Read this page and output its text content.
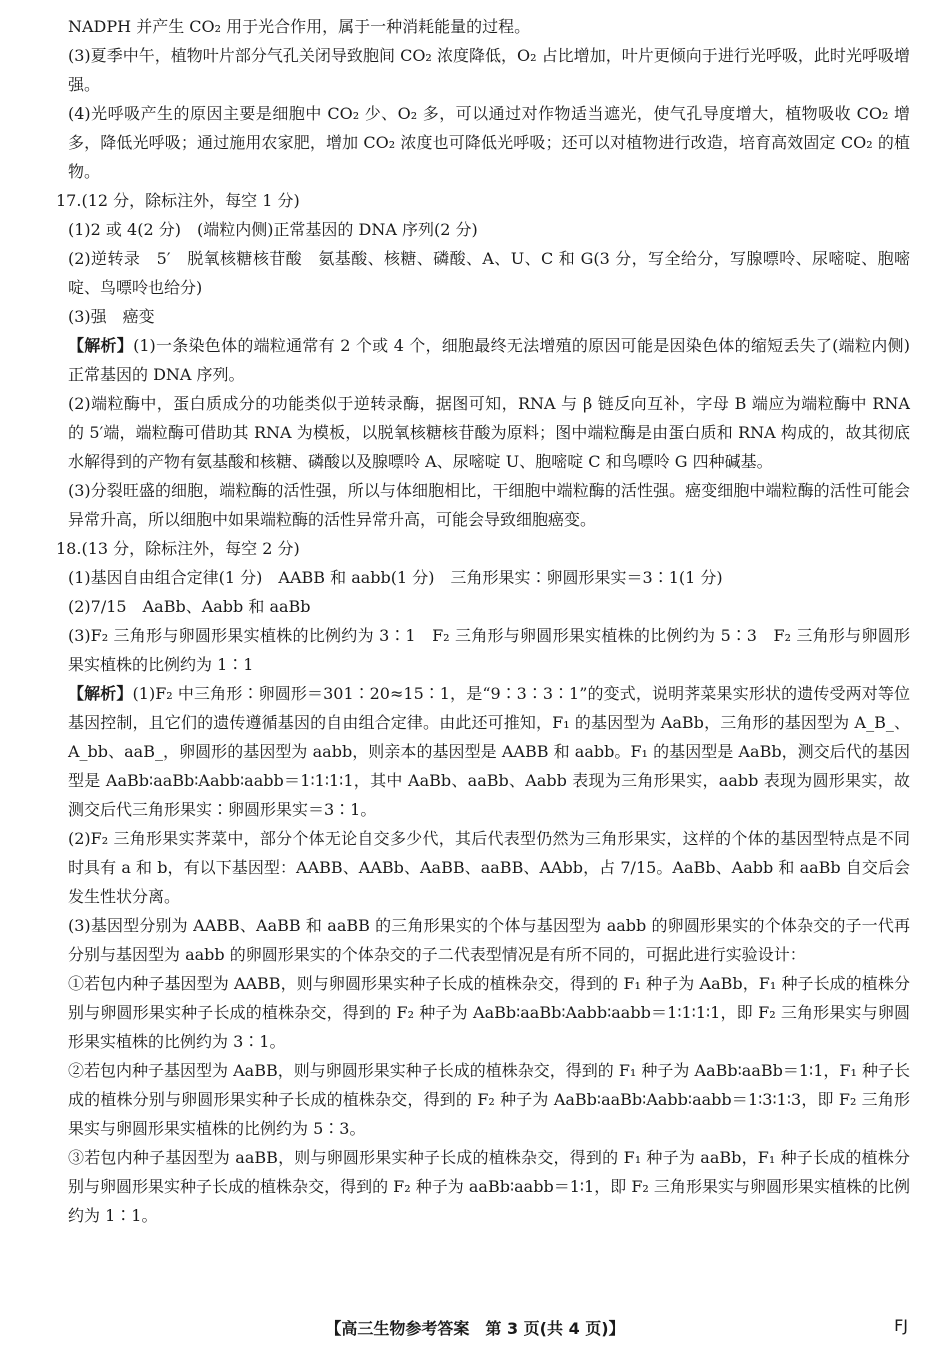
NADPH 并产生 CO₂ 用于光合作用，属于一种消耗能量的过程。

(3)夏季中午，植物叶片部分气孔关闭导致胞间 CO₂ 浓度降低，O₂ 占比增加，叶片更倾向于进行光呼吸，此时光呼吸增强。

(4)光呼吸产生的原因主要是细胞中 CO₂ 少、O₂ 多，可以通过对作物适当遮光，使气孔导度增大，植物吸收 CO₂ 增多，降低光呼吸；通过施用农家肥，增加 CO₂ 浓度也可降低光呼吸；还可以对植物进行改造，培育高效固定 CO₂ 的植物。

17.(12 分，除标注外，每空 1 分)

(1)2 或 4(2 分)　(端粒内侧)正常基因的 DNA 序列(2 分)

(2)逆转录　5′　脱氧核糖核苷酸　氨基酸、核糖、磷酸、A、U、C 和 G(3 分，写全给分，写腺嘌呤、尿嘧啶、胞嘧啶、鸟嘌呤也给分)

(3)强　癌变

【解析】(1)一条染色体的端粒通常有 2 个或 4 个，细胞最终无法增殖的原因可能是因染色体的缩短丢失了(端粒内侧)正常基因的 DNA 序列。

(2)端粒酶中，蛋白质成分的功能类似于逆转录酶，据图可知，RNA 与 β 链反向互补，字母 B 端应为端粒酶中 RNA 的 5′端，端粒酶可借助其 RNA 为模板，以脱氧核糖核苷酸为原料；图中端粒酶是由蛋白质和 RNA 构成的，故其彻底水解得到的产物有氨基酸和核糖、磷酸以及腺嘌呤 A、尿嘧啶 U、胞嘧啶 C 和鸟嘌呤 G 四种碱基。

(3)分裂旺盛的细胞，端粒酶的活性强，所以与体细胞相比，干细胞中端粒酶的活性强。癌变细胞中端粒酶的活性可能会异常升高，所以细胞中如果端粒酶的活性异常升高，可能会导致细胞癌变。

18.(13 分，除标注外，每空 2 分)

(1)基因自由组合定律(1 分)　AABB 和 aabb(1 分)　三角形果实∶卵圆形果实＝3∶1(1 分)

(2)7/15　AaBb、Aabb 和 aaBb

(3)F₂ 三角形与卵圆形果实植株的比例约为 3∶1　F₂ 三角形与卵圆形果实植株的比例约为 5∶3　F₂ 三角形与卵圆形果实植株的比例约为 1∶1

【解析】(1)F₂ 中三角形∶卵圆形＝301∶20≈15∶1，是“9∶3∶3∶1”的变式，说明荠菜果实形状的遗传受两对等位基因控制，且它们的遗传遵循基因的自由组合定律。由此还可推知，F₁ 的基因型为 AaBb，三角形的基因型为 A_B_、A_bb、aaB_，卵圆形的基因型为 aabb，则亲本的基因型是 AABB 和 aabb。F₁ 的基因型是 AaBb，测交后代的基因型是 AaBb∶aaBb∶Aabb∶aabb＝1∶1∶1∶1，其中 AaBb、aaBb、Aabb 表现为三角形果实，aabb 表现为圆形果实，故测交后代三角形果实∶卵圆形果实＝3∶1。

(2)F₂ 三角形果实荠菜中，部分个体无论自交多少代，其后代表型仍然为三角形果实，这样的个体的基因型特点是不同时具有 a 和 b，有以下基因型：AABB、AABb、AaBB、aaBB、AAbb，占 7/15。AaBb、Aabb 和 aaBb 自交后会发生性状分离。

(3)基因型分别为 AABB、AaBB 和 aaBB 的三角形果实的个体与基因型为 aabb 的卵圆形果实的个体杂交的子一代再分别与基因型为 aabb 的卵圆形果实的个体杂交的子二代表型情况是有所不同的，可据此进行实验设计：

①若包内种子基因型为 AABB，则与卵圆形果实种子长成的植株杂交，得到的 F₁ 种子为 AaBb，F₁ 种子长成的植株分别与卵圆形果实种子长成的植株杂交，得到的 F₂ 种子为 AaBb∶aaBb∶Aabb∶aabb＝1∶1∶1∶1，即 F₂ 三角形果实与卵圆形果实植株的比例约为 3∶1。

②若包内种子基因型为 AaBB，则与卵圆形果实种子长成的植株杂交，得到的 F₁ 种子为 AaBb∶aaBb＝1∶1，F₁ 种子长成的植株分别与卵圆形果实种子长成的植株杂交，得到的 F₂ 种子为 AaBb∶aaBb∶Aabb∶aabb＝1∶3∶1∶3，即 F₂ 三角形果实与卵圆形果实植株的比例约为 5∶3。

③若包内种子基因型为 aaBB，则与卵圆形果实种子长成的植株杂交，得到的 F₁ 种子为 aaBb，F₁ 种子长成的植株分别与卵圆形果实种子长成的植株杂交，得到的 F₂ 种子为 aaBb∶aabb＝1∶1，即 F₂ 三角形果实与卵圆形果实植株的比例约为 1∶1。

【高三生物参考答案　第 3 页(共 4 页)】	FJ
